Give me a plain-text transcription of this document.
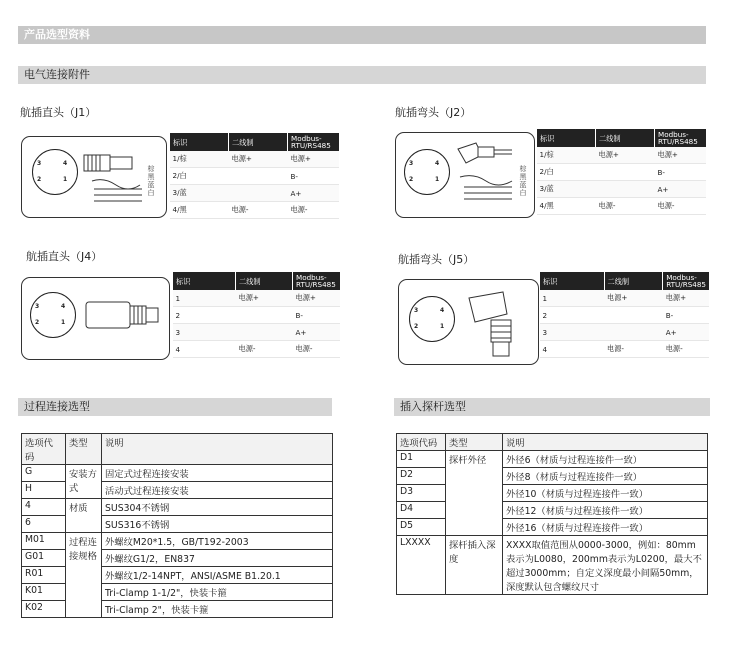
产品选型资料
电气连接附件
航插直头（J1）
3	4
2	1
棕黑蓝白
标识	二线制	Modbus-RTU/RS485
1/棕	电源+	电源+
2/白		B-
3/蓝		A+
4/黑	电源-	电源-
航插弯头（J2）
3	4
2	1
棕黑蓝白
标识	二线制	Modbus-RTU/RS485
1/棕	电源+	电源+
2/白		B-
3/蓝		A+
4/黑	电源-	电源-
航插直头（J4）
3	4
2	1
标识	二线制	Modbus-RTU/RS485
1	电源+	电源+
2		B-
3		A+
4	电源-	电源-
航插弯头（J5）
3	4
2	1
标识	二线制	Modbus-RTU/RS485
1	电源+	电源+
2		B-
3		A+
4	电源-	电源-
过程连接选型
选项代码	类型	说明
G	安装方式	固定式过程连接安装
H		活动式过程连接安装
4	材质	SUS304不锈钢
6		SUS316不锈钢
M01	过程连接规格	外螺纹M20*1.5，GB/T192-2003
G01		外螺纹G1/2，EN837
R01		外螺纹1/2-14NPT，ANSI/ASME B1.20.1
K01		Tri-Clamp 1-1/2"，快装卡箍
K02		Tri-Clamp 2"，快装卡箍
插入探杆选型
选项代码	类型	说明
D1	探杆外径	外径6（材质与过程连接件一致）
D2		外径8（材质与过程连接件一致）
D3		外径10（材质与过程连接件一致）
D4		外径12（材质与过程连接件一致）
D5		外径16（材质与过程连接件一致）
LXXXX	探杆插入深度	XXXX取值范围从0000-3000，例如：80mm表示为L0080，200mm表示为L0200，最大不超过3000mm；自定义深度最小间隔50mm，深度默认包含螺纹尺寸
